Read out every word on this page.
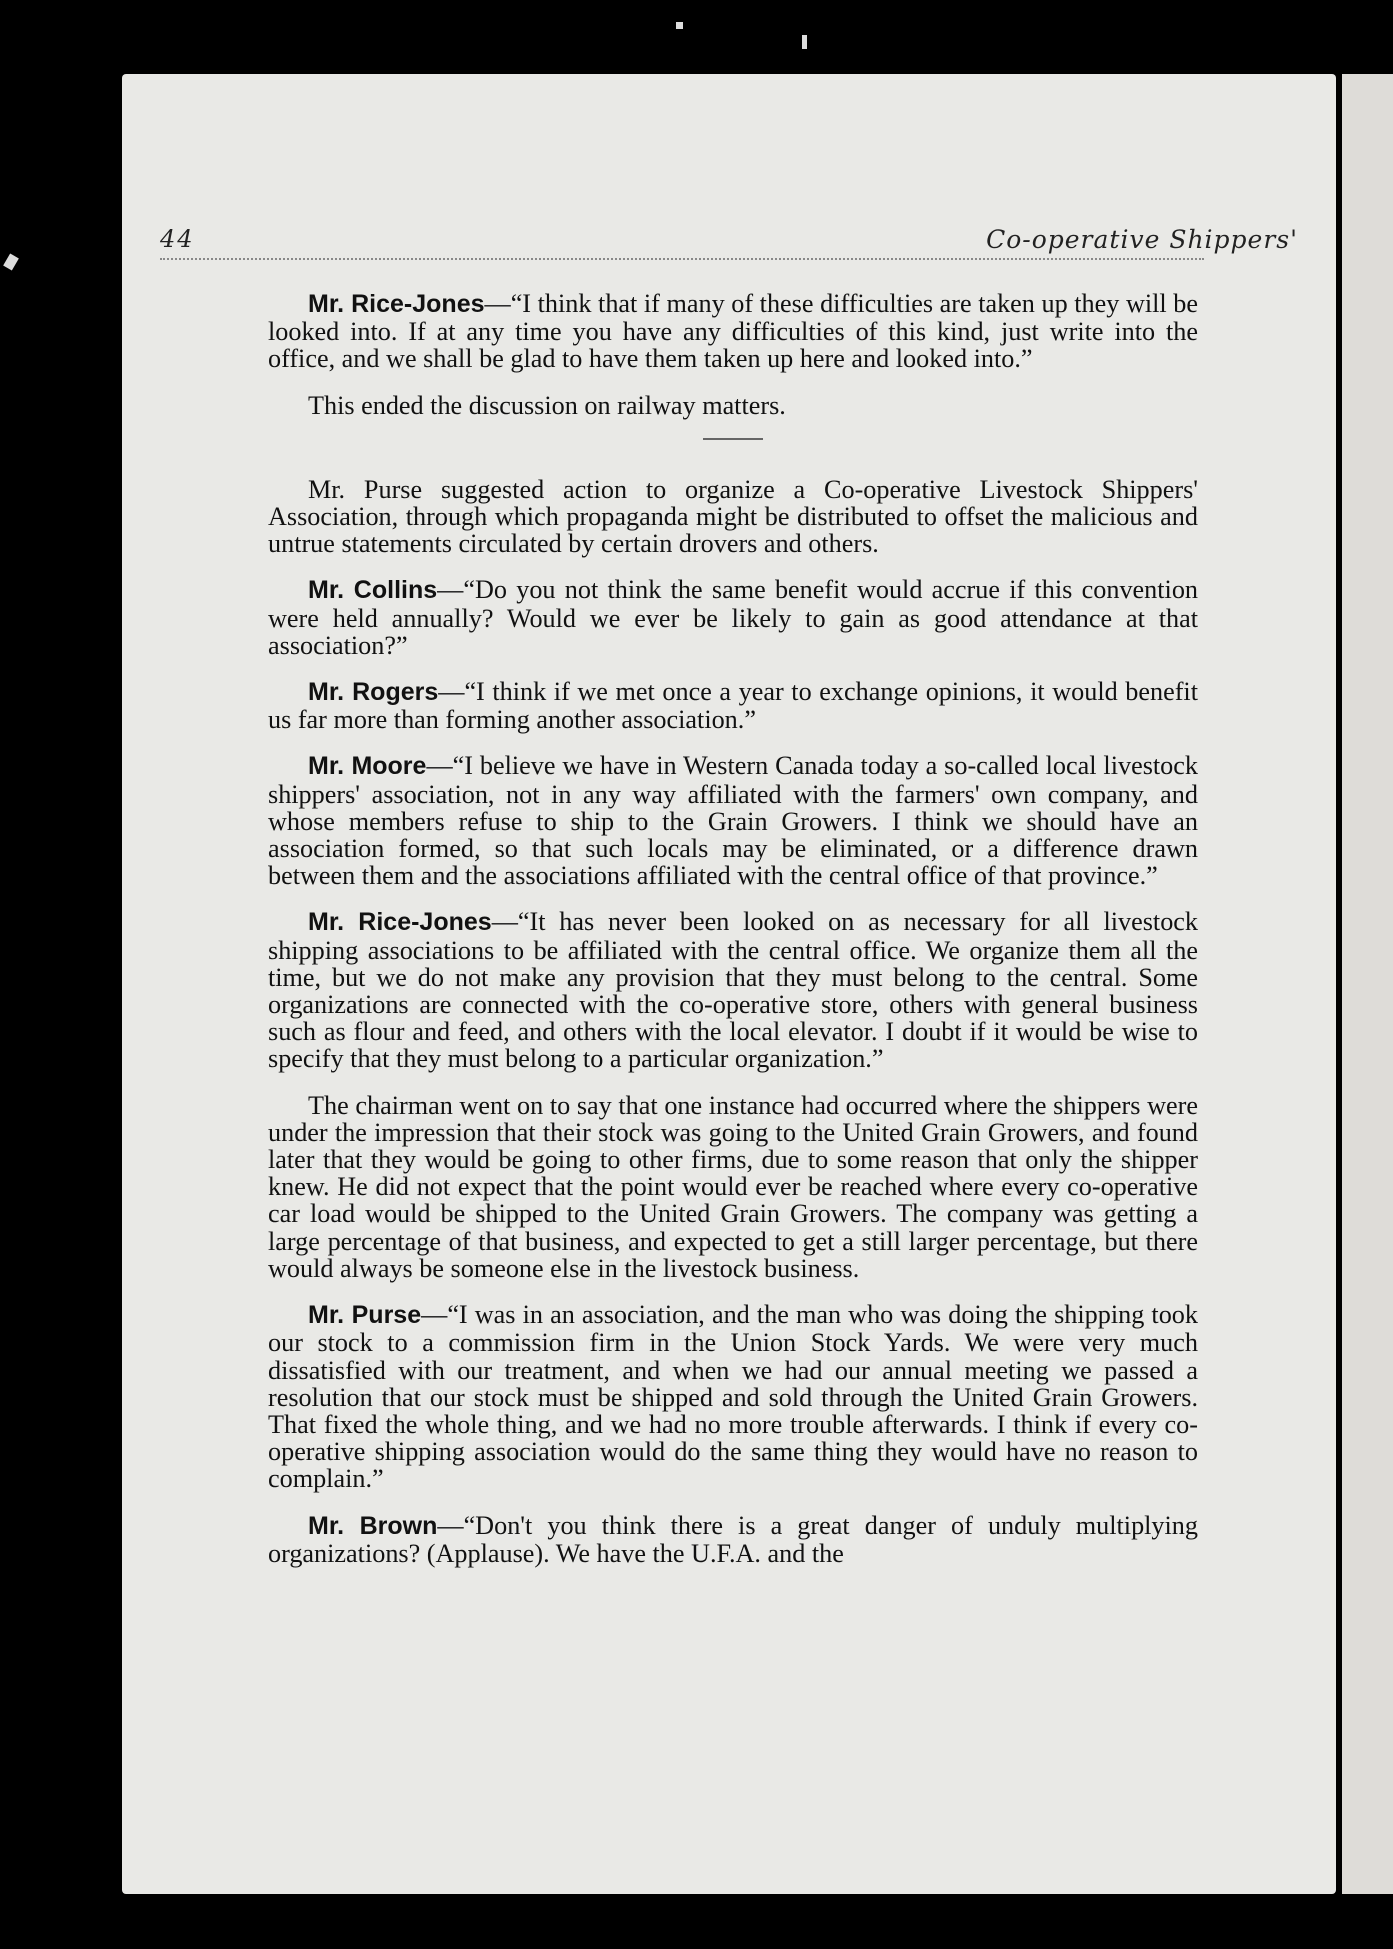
44	Co-operative Shippers'

Mr. Rice-Jones—“I think that if many of these difficulties are taken up they will be looked into. If at any time you have any difficulties of this kind, just write into the office, and we shall be glad to have them taken up here and looked into.”

This ended the discussion on railway matters.

Mr. Purse suggested action to organize a Co-operative Livestock Shippers' Association, through which propaganda might be distributed to offset the malicious and untrue statements circulated by certain drovers and others.

Mr. Collins—“Do you not think the same benefit would accrue if this convention were held annually? Would we ever be likely to gain as good attendance at that association?”

Mr. Rogers—“I think if we met once a year to exchange opinions, it would benefit us far more than forming another association.”

Mr. Moore—“I believe we have in Western Canada today a so-called local livestock shippers' association, not in any way affiliated with the farmers' own company, and whose members refuse to ship to the Grain Growers. I think we should have an association formed, so that such locals may be eliminated, or a difference drawn between them and the associations affiliated with the central office of that province.”

Mr. Rice-Jones—“It has never been looked on as necessary for all livestock shipping associations to be affiliated with the central office. We organize them all the time, but we do not make any provision that they must belong to the central. Some organizations are connected with the co-operative store, others with general business such as flour and feed, and others with the local elevator. I doubt if it would be wise to specify that they must belong to a particular organization.”

The chairman went on to say that one instance had occurred where the shippers were under the impression that their stock was going to the United Grain Growers, and found later that they would be going to other firms, due to some reason that only the shipper knew. He did not expect that the point would ever be reached where every co-operative car load would be shipped to the United Grain Growers. The company was getting a large percentage of that business, and expected to get a still larger percentage, but there would always be someone else in the livestock business.

Mr. Purse—“I was in an association, and the man who was doing the shipping took our stock to a commission firm in the Union Stock Yards. We were very much dissatisfied with our treatment, and when we had our annual meeting we passed a resolution that our stock must be shipped and sold through the United Grain Growers. That fixed the whole thing, and we had no more trouble afterwards. I think if every co-operative shipping association would do the same thing they would have no reason to complain.”

Mr. Brown—“Don't you think there is a great danger of unduly multiplying organizations? (Applause). We have the U.F.A. and the
